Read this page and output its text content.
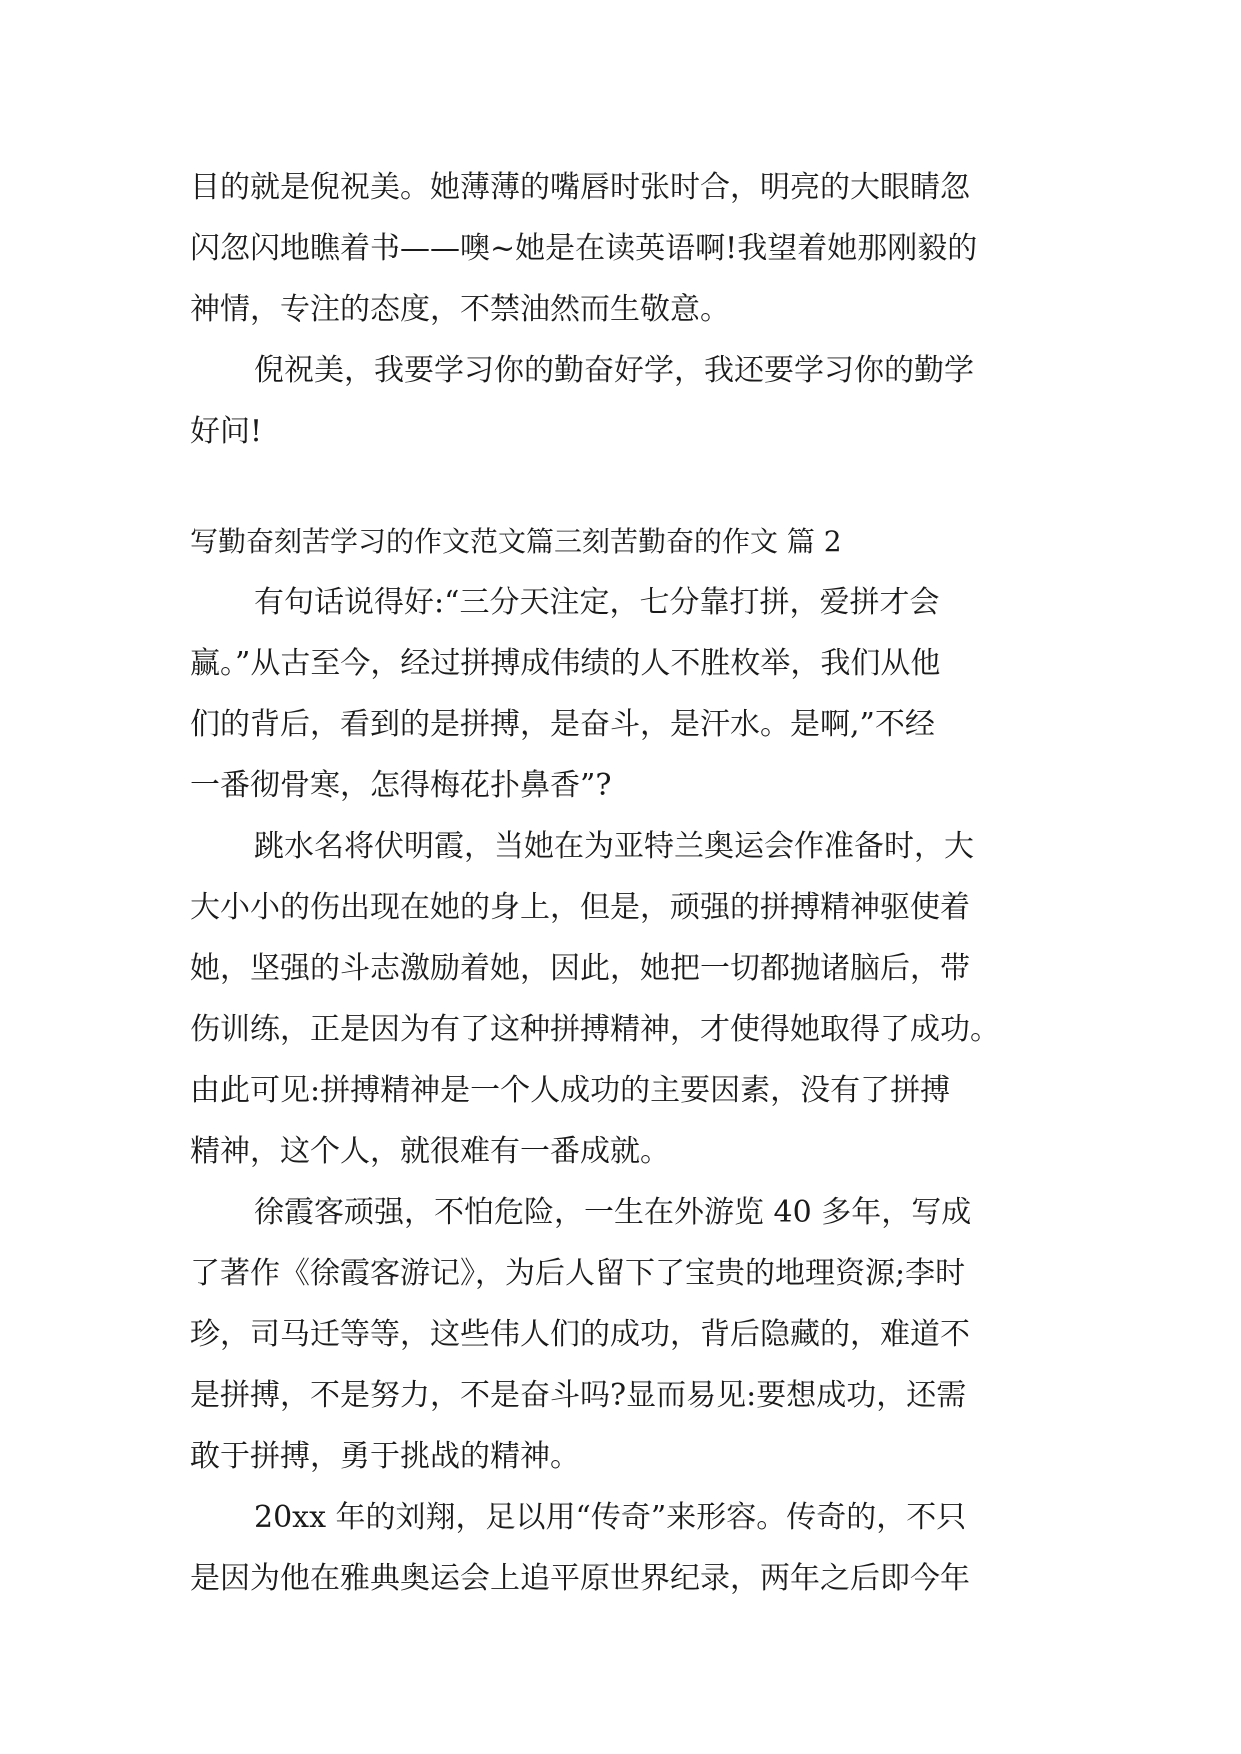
目的就是倪祝美。她薄薄的嘴唇时张时合，明亮的大眼睛忽
闪忽闪地瞧着书——噢~她是在读英语啊!我望着她那刚毅的
神情，专注的态度，不禁油然而生敬意。
倪祝美，我要学习你的勤奋好学，我还要学习你的勤学
好问!
写勤奋刻苦学习的作文范文篇三刻苦勤奋的作文 篇 2
有句话说得好:“三分天注定，七分靠打拼，爱拼才会
赢。”从古至今，经过拼搏成伟绩的人不胜枚举，我们从他
们的背后，看到的是拼搏，是奋斗，是汗水。是啊,”不经
一番彻骨寒，怎得梅花扑鼻香”?
跳水名将伏明霞，当她在为亚特兰奥运会作准备时，大
大小小的伤出现在她的身上，但是，顽强的拼搏精神驱使着
她，坚强的斗志激励着她，因此，她把一切都抛诸脑后，带
伤训练，正是因为有了这种拼搏精神，才使得她取得了成功。
由此可见:拼搏精神是一个人成功的主要因素，没有了拼搏
精神，这个人，就很难有一番成就。
徐霞客顽强，不怕危险，一生在外游览 40 多年，写成
了著作《徐霞客游记》，为后人留下了宝贵的地理资源;李时
珍，司马迁等等，这些伟人们的成功，背后隐藏的，难道不
是拼搏，不是努力，不是奋斗吗?显而易见:要想成功，还需
敢于拼搏，勇于挑战的精神。
20xx 年的刘翔，足以用“传奇”来形容。传奇的，不只
是因为他在雅典奥运会上追平原世界纪录，两年之后即今年
